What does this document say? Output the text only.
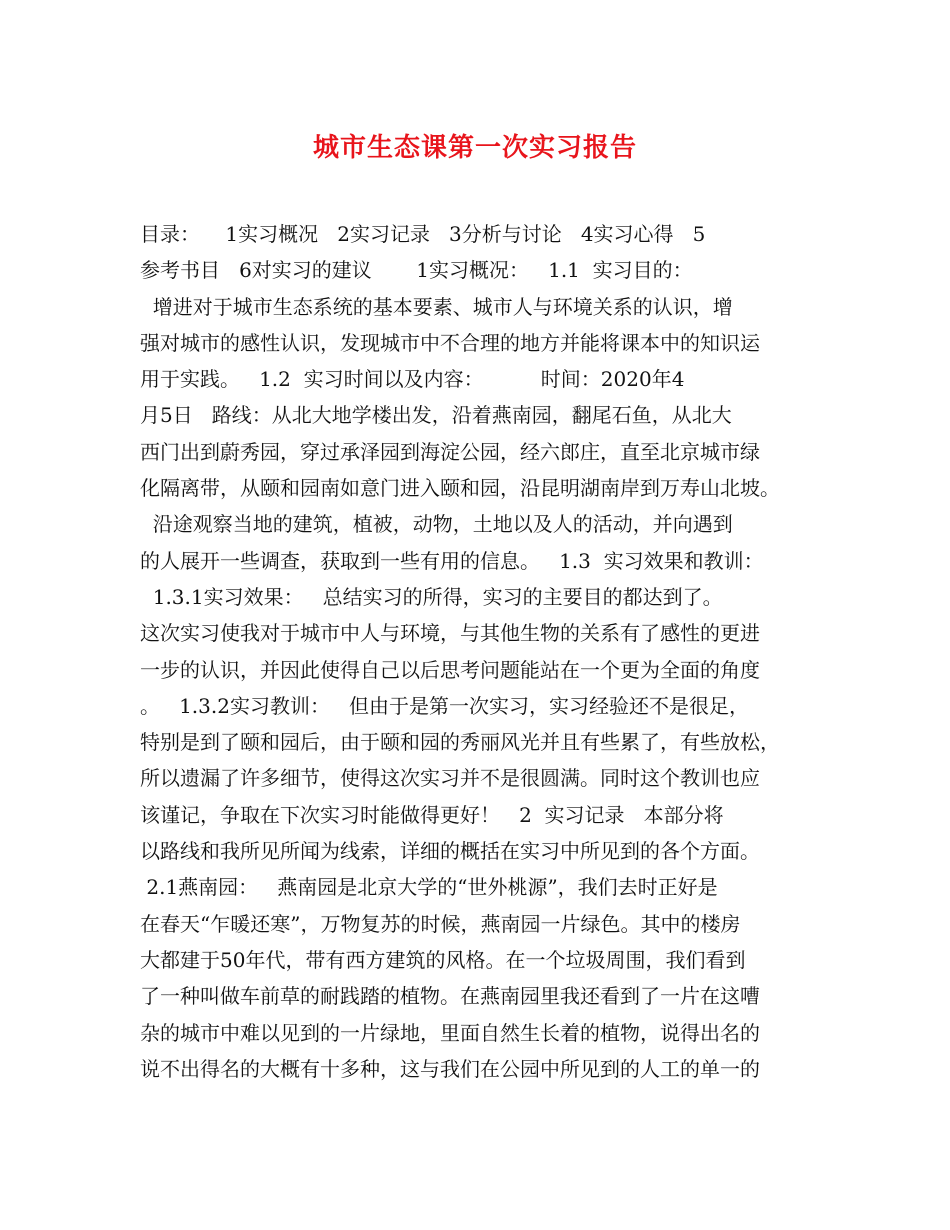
城市生态课第一次实习报告
目录：    1实习概况   2实习记录   3分析与讨论   4实习心得   5
参考书目   6对实习的建议       1实习概况：   1.1  实习目的：
增进对于城市生态系统的基本要素、城市人与环境关系的认识，增
强对城市的感性认识，发现城市中不合理的地方并能将课本中的知识运
用于实践。   1.2  实习时间以及内容：         时间：2020年4
月5日   路线：从北大地学楼出发，沿着燕南园，翻尾石鱼，从北大
西门出到蔚秀园，穿过承泽园到海淀公园，经六郎庄，直至北京城市绿
化隔离带，从颐和园南如意门进入颐和园，沿昆明湖南岸到万寿山北坡。
沿途观察当地的建筑，植被，动物，土地以及人的活动，并向遇到
的人展开一些调查，获取到一些有用的信息。   1.3  实习效果和教训：
1.3.1实习效果：   总结实习的所得，实习的主要目的都达到了。
这次实习使我对于城市中人与环境，与其他生物的关系有了感性的更进
一步的认识，并因此使得自己以后思考问题能站在一个更为全面的角度
。   1.3.2实习教训：   但由于是第一次实习，实习经验还不是很足，
特别是到了颐和园后，由于颐和园的秀丽风光并且有些累了，有些放松，
所以遗漏了许多细节，使得这次实习并不是很圆满。同时这个教训也应
该谨记，争取在下次实习时能做得更好！   2  实习记录   本部分将
以路线和我所见所闻为线索，详细的概括在实习中所见到的各个方面。
2.1燕南园：   燕南园是北京大学的“世外桃源”，我们去时正好是
在春天“乍暖还寒”，万物复苏的时候，燕南园一片绿色。其中的楼房
大都建于50年代，带有西方建筑的风格。在一个垃圾周围，我们看到
了一种叫做车前草的耐践踏的植物。在燕南园里我还看到了一片在这嘈
杂的城市中难以见到的一片绿地，里面自然生长着的植物，说得出名的
说不出得名的大概有十多种，这与我们在公园中所见到的人工的单一的
